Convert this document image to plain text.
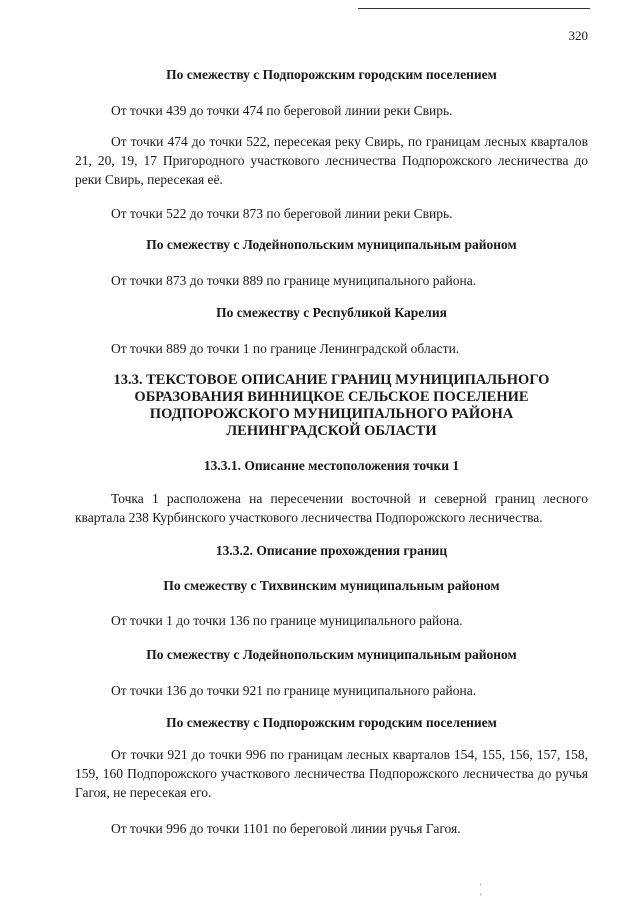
320
По смежеству с Подпорожским городским поселением
От точки 439 до точки 474 по береговой линии реки Свирь.
От точки 474 до точки 522, пересекая реку Свирь, по границам лесных кварталов 21, 20, 19, 17 Пригородного участкового лесничества Подпорожского лесничества до реки Свирь, пересекая её.
От точки 522 до точки 873 по береговой линии реки Свирь.
По смежеству с Лодейнопольским муниципальным районом
От точки 873 до точки 889 по границе муниципального района.
По смежеству с Республикой Карелия
От точки 889 до точки 1 по границе Ленинградской области.
13.3. ТЕКСТОВОЕ ОПИСАНИЕ ГРАНИЦ МУНИЦИПАЛЬНОГО
ОБРАЗОВАНИЯ ВИННИЦКОЕ СЕЛЬСКОЕ ПОСЕЛЕНИЕ
ПОДПОРОЖСКОГО МУНИЦИПАЛЬНОГО РАЙОНА
ЛЕНИНГРАДСКОЙ ОБЛАСТИ
13.3.1. Описание местоположения точки 1
Точка 1 расположена на пересечении восточной и северной границ лесного квартала 238 Курбинского участкового лесничества Подпорожского лесничества.
13.3.2. Описание прохождения границ
По смежеству с Тихвинским муниципальным районом
От точки 1 до точки 136 по границе муниципального района.
По смежеству с Лодейнопольским муниципальным районом
От точки 136 до точки 921 по границе муниципального района.
По смежеству с Подпорожским городским поселением
От точки 921 до точки 996 по границам лесных кварталов 154, 155, 156, 157, 158, 159, 160 Подпорожского участкового лесничества Подпорожского лесничества до ручья Гагоя, не пересекая его.
От точки 996 до точки 1101 по береговой линии ручья Гагоя.
' '
